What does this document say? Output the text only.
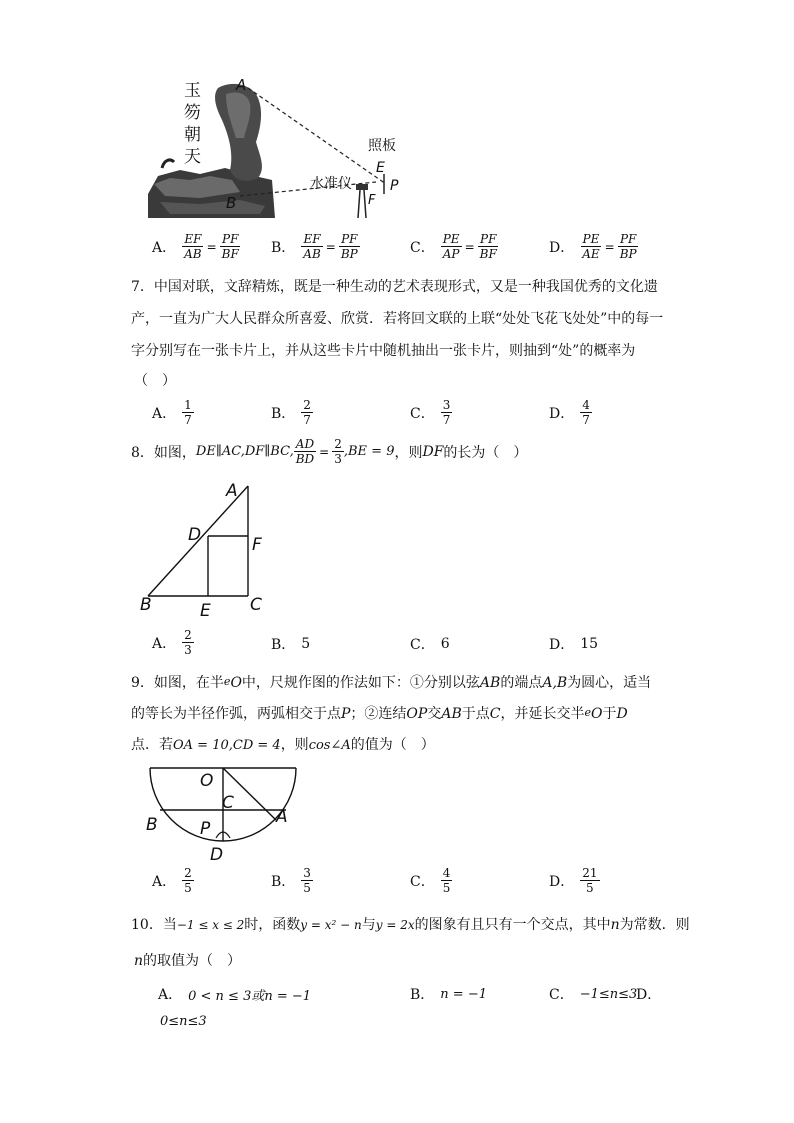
玉
笏
朝
天
A
B
水准仪
F
照板
E
P
A． $\frac{EF}{AB} = \frac{PF}{BF}$ B． $\frac{EF}{AB} = \frac{PF}{BP}$	C． $\frac{PE}{AP} = \frac{PF}{BF}$	D． $\frac{PE}{AE} = \frac{PF}{BP}$
7．中国对联，文辞精炼，既是一种生动的艺术表现形式，又是一种我国优秀的文化遗
产，一直为广大人民群众所喜爱、欣赏．若将回文联的上联“处处飞花飞处处”中的每一
字分别写在一张卡片上，并从这些卡片中随机抽出一张卡片，则抽到“处”的概率为
（　）
A． $\frac{1}{7}$	B． $\frac{2}{7}$	C． $\frac{3}{7}$	D． $\frac{4}{7}$
8．如图， DE∥AC,DF∥BC, $\frac{AD}{BD} = \frac{2}{3} ,BE = 9$ ，则 DF 的长为（　）
A
D	F
B	E C
A． $\frac{2}{3}$	B． 5	C． 6	D． 15
9．如图，在半eO中，尺规作图的作法如下：①分别以弦AB的端点A,B为圆心，适当
的等长为半径作弧，两弧相交于点P；②连结OP交AB于点C，并延长交半eO于D
点．若OA = 10,CD = 4，则cos∠A的值为（　）
O
C
B	A
P
D
A． $\frac{2}{5}$	B． $\frac{3}{5}$	C． $\frac{4}{5}$	D． $\frac{21}{5}$
10．当−1 ≤ x ≤ 2时，函数y = x² − n与y = 2x的图象有且只有一个交点，其中n为常数．则
n的取值为（　）
A． 0 < n ≤ 3或n = −1	B． n = −1	C． −1≤n≤3
D．
0≤n≤3
